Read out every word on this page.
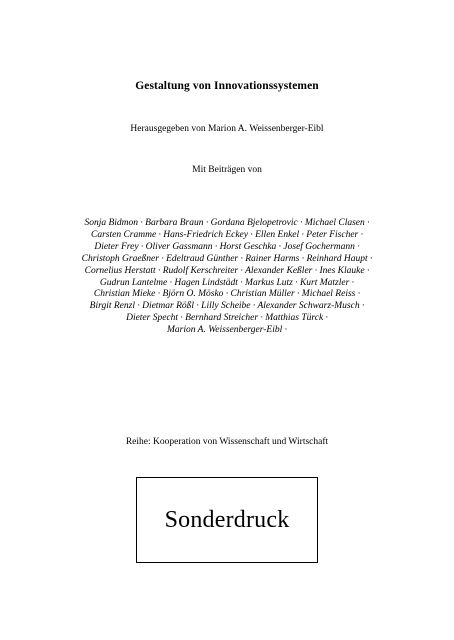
Gestaltung von Innovationssystemen
Herausgegeben von Marion A. Weissenberger-Eibl
Mit Beiträgen von
Sonja Bidmon · Barbara Braun · Gordana Bjelopetrovic · Michael Clasen ·
Carsten Cramme · Hans-Friedrich Eckey · Ellen Enkel · Peter Fischer ·
Dieter Frey · Oliver Gassmann · Horst Geschka · Josef Gochermann ·
Christoph Graeßner · Edeltraud Günther · Rainer Harms · Reinhard Haupt ·
Cornelius Herstatt · Rudolf Kerschreiter · Alexander Keßler · Ines Klauke ·
Gudrun Lantelme · Hagen Lindstädt · Markus Lutz · Kurt Matzler ·
Christian Mieke · Björn O. Mösko · Christian Müller · Michael Reiss ·
Birgit Renzl · Dietmar Rößl · Lilly Scheibe · Alexander Schwarz-Musch ·
Dieter Specht · Bernhard Streicher · Matthias Türck ·
Marion A. Weissenberger-Eibl ·
Reihe: Kooperation von Wissenschaft und Wirtschaft
Sonderdruck
